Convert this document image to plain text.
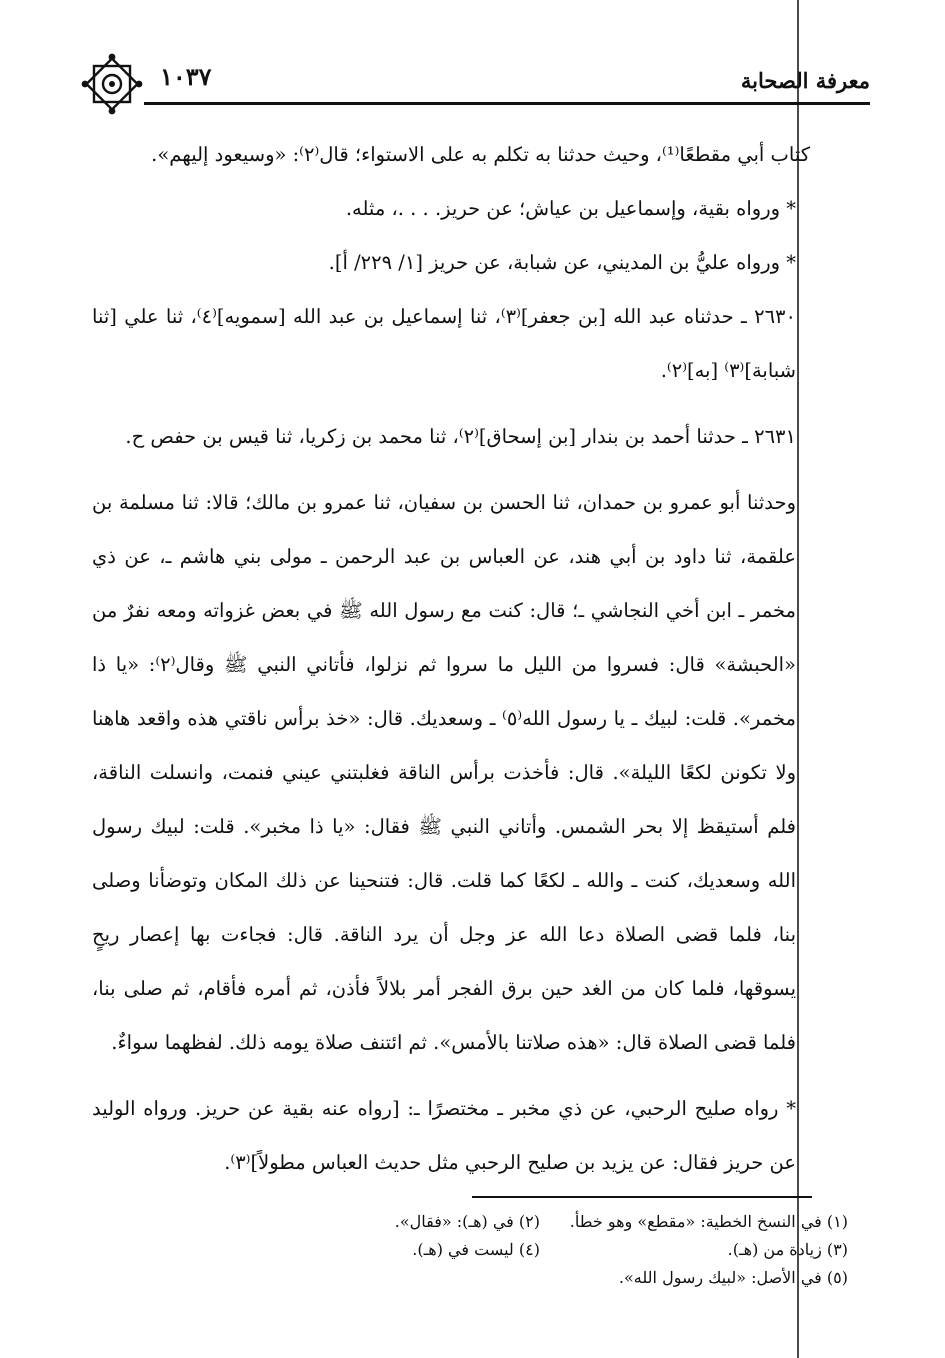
معرفة الصحابة
١٠٣٧

كتاب أبي مقطعًا⁽¹⁾، وحيث حدثنا به تكلم به على الاستواء؛ قال⁽٢⁾: «وسيعود إليهم».

* ورواه بقية، وإسماعيل بن عياش؛ عن حريز. . . .، مثله.

* ورواه عليُّ بن المديني، عن شبابة، عن حريز [١/ ٢٢٩/ أ].

٢٦٣٠ ـ حدثناه عبد الله [بن جعفر]⁽٣⁾، ثنا إسماعيل بن عبد الله [سمويه]⁽٤⁾، ثنا علي [ثنا شبابة]⁽٣⁾ [به]⁽٢⁾.

٢٦٣١ ـ حدثنا أحمد بن بندار [بن إسحاق]⁽٢⁾، ثنا محمد بن زكريا، ثنا قيس بن حفص ح.

وحدثنا أبو عمرو بن حمدان، ثنا الحسن بن سفيان، ثنا عمرو بن مالك؛ قالا: ثنا مسلمة بن علقمة، ثنا داود بن أبي هند، عن العباس بن عبد الرحمن ـ مولى بني هاشم ـ، عن ذي مخمر ـ ابن أخي النجاشي ـ؛ قال: كنت مع رسول الله ﷺ في بعض غزواته ومعه نفرٌ من «الحبشة» قال: فسروا من الليل ما سروا ثم نزلوا، فأتاني النبي ﷺ وقال⁽٢⁾: «يا ذا مخمر». قلت: لبيك ـ يا رسول الله⁽٥⁾ ـ وسعديك. قال: «خذ برأس ناقتي هذه واقعد هاهنا ولا تكونن لكعًا الليلة». قال: فأخذت برأس الناقة فغلبتني عيني فنمت، وانسلت الناقة، فلم أستيقظ إلا بحر الشمس. وأتاني النبي ﷺ فقال: «يا ذا مخبر». قلت: لبيك رسول الله وسعديك، كنت ـ والله ـ لكعًا كما قلت. قال: فتنحينا عن ذلك المكان وتوضأنا وصلى بنا، فلما قضى الصلاة دعا الله عز وجل أن يرد الناقة. قال: فجاءت بها إعصار ريحٍ يسوقها، فلما كان من الغد حين برق الفجر أمر بلالاً فأذن، ثم أمره فأقام، ثم صلى بنا، فلما قضى الصلاة قال: «هذه صلاتنا بالأمس». ثم ائتنف صلاة يومه ذلك. لفظهما سواءٌ.

* رواه صليح الرحبي، عن ذي مخبر ـ مختصرًا ـ: [رواه عنه بقية عن حريز. ورواه الوليد عن حريز فقال: عن يزيد بن صليح الرحبي مثل حديث العباس مطولاً]⁽٣⁾.

(١) في النسخ الخطية: «مقطع» وهو خطأ.
(٢) في (هـ): «فقال».
(٣) زيادة من (هـ).
(٤) ليست في (هـ).
(٥) في الأصل: «لبيك رسول الله».
